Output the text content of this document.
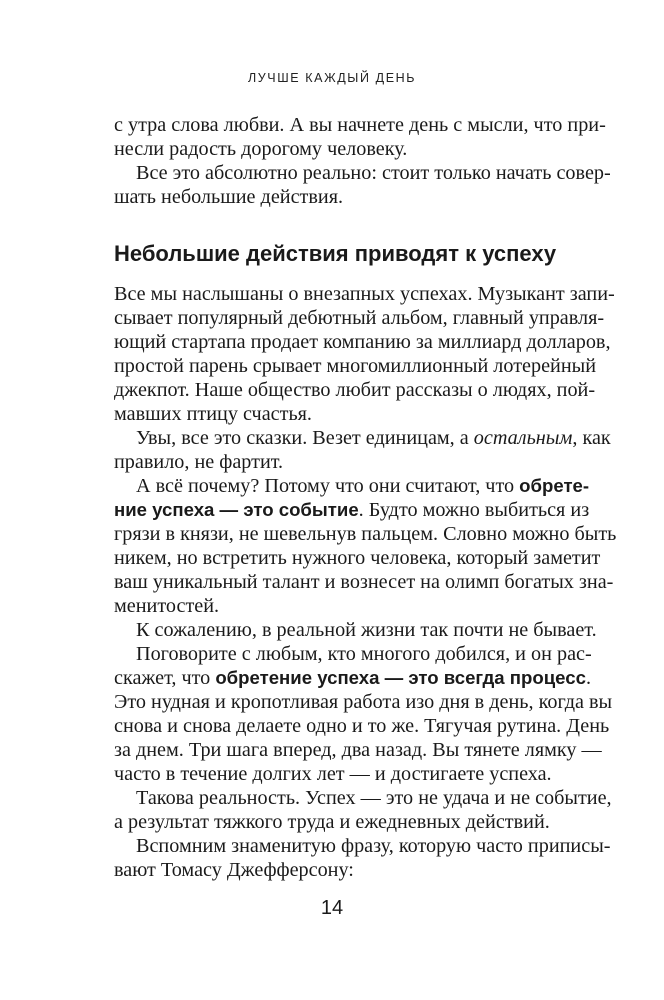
ЛУЧШЕ КАЖДЫЙ ДЕНЬ
с утра слова любви. А вы начнете день с мысли, что при-
несли радость дорогому человеку.
Все это абсолютно реально: стоит только начать совер-
шать небольшие действия.
Небольшие действия приводят к успеху
Все мы наслышаны о внезапных успехах. Музыкант запи-
сывает популярный дебютный альбом, главный управля-
ющий стартапа продает компанию за миллиард долларов,
простой парень срывает многомиллионный лотерейный
джекпот. Наше общество любит рассказы о людях, пой-
мавших птицу счастья.
Увы, все это сказки. Везет единицам, а остальным, как
правило, не фартит.
А всё почему? Потому что они считают, что обрете-
ние успеха — это событие. Будто можно выбиться из
грязи в князи, не шевельнув пальцем. Словно можно быть
никем, но встретить нужного человека, который заметит
ваш уникальный талант и вознесет на олимп богатых зна-
менитостей.
К сожалению, в реальной жизни так почти не бывает.
Поговорите с любым, кто многого добился, и он рас-
скажет, что обретение успеха — это всегда процесс.
Это нудная и кропотливая работа изо дня в день, когда вы
снова и снова делаете одно и то же. Тягучая рутина. День
за днем. Три шага вперед, два назад. Вы тянете лямку —
часто в течение долгих лет — и достигаете успеха.
Такова реальность. Успех — это не удача и не событие,
а результат тяжкого труда и ежедневных действий.
Вспомним знаменитую фразу, которую часто приписы-
вают Томасу Джефферсону:
14
